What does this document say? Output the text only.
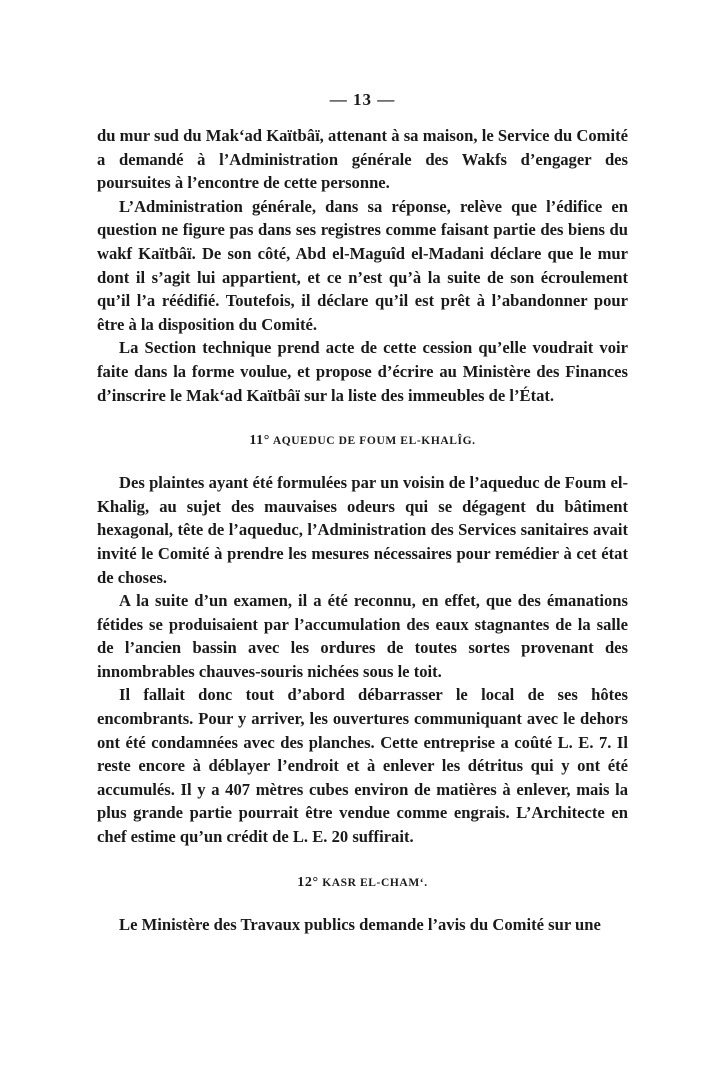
— 13 —

du mur sud du Mak‘ad Kaïtbâï, attenant à sa maison, le Service du Comité a demandé à l’Administration générale des Wakfs d’engager des poursuites à l’encontre de cette personne.

L’Administration générale, dans sa réponse, relève que l’édifice en question ne figure pas dans ses registres comme faisant partie des biens du wakf Kaïtbâï. De son côté, Abd el-Maguîd el-Madani déclare que le mur dont il s’agit lui appartient, et ce n’est qu’à la suite de son écroulement qu’il l’a réédifié. Toutefois, il déclare qu’il est prêt à l’abandonner pour être à la disposition du Comité.

La Section technique prend acte de cette cession qu’elle voudrait voir faite dans la forme voulue, et propose d’écrire au Ministère des Finances d’inscrire le Mak‘ad Kaïtbâï sur la liste des immeubles de l’État.

11° AQUEDUC DE FOUM EL-KHALÎG.

Des plaintes ayant été formulées par un voisin de l’aqueduc de Foum el-Khalig, au sujet des mauvaises odeurs qui se dégagent du bâtiment hexagonal, tête de l’aqueduc, l’Administration des Services sanitaires avait invité le Comité à prendre les mesures nécessaires pour remédier à cet état de choses.

A la suite d’un examen, il a été reconnu, en effet, que des émanations fétides se produisaient par l’accumulation des eaux stagnantes de la salle de l’ancien bassin avec les ordures de toutes sortes provenant des innombrables chauves-souris nichées sous le toit.

Il fallait donc tout d’abord débarrasser le local de ses hôtes encombrants. Pour y arriver, les ouvertures communiquant avec le dehors ont été condamnées avec des planches. Cette entreprise a coûté L. E. 7. Il reste encore à déblayer l’endroit et à enlever les détritus qui y ont été accumulés. Il y a 407 mètres cubes environ de matières à enlever, mais la plus grande partie pourrait être vendue comme engrais. L’Architecte en chef estime qu’un crédit de L. E. 20 suffirait.

12° KASR EL-CHAM‘.

Le Ministère des Travaux publics demande l’avis du Comité sur une
